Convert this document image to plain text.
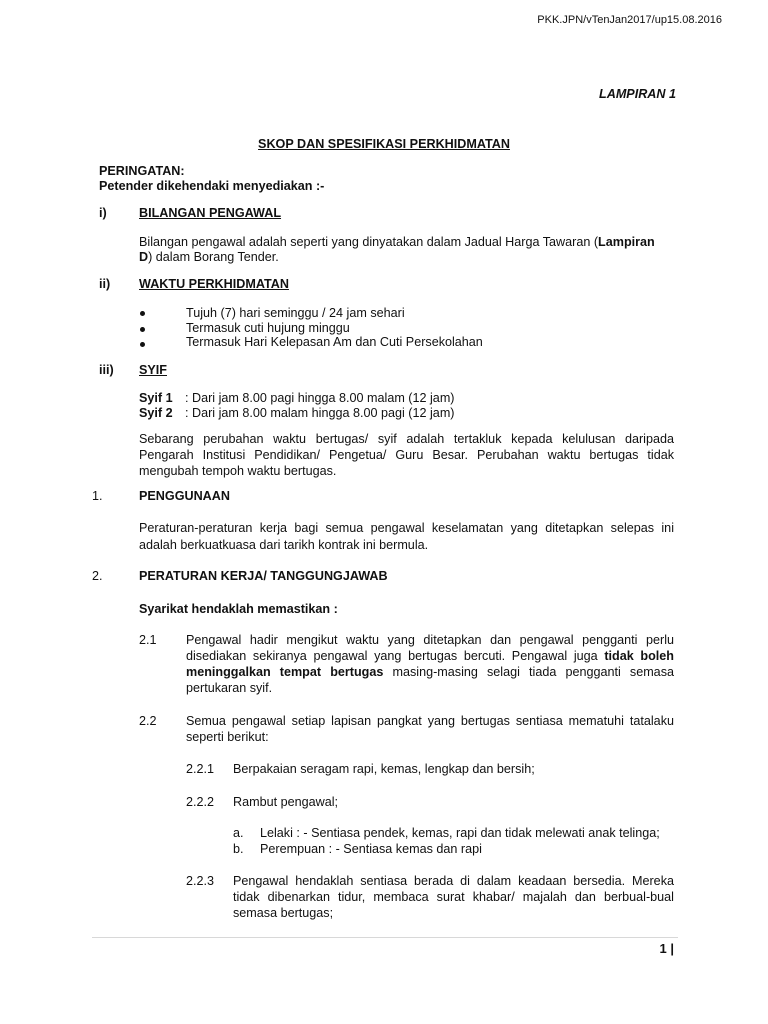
PKK.JPN/vTenJan2017/up15.08.2016
LAMPIRAN 1
SKOP DAN SPESIFIKASI PERKHIDMATAN
PERINGATAN:
Petender dikehendaki menyediakan :-
i)	BILANGAN PENGAWAL
Bilangan pengawal adalah seperti yang dinyatakan dalam Jadual Harga Tawaran (Lampiran
D) dalam Borang Tender.
ii) WAKTU PERKHIDMATAN
Tujuh (7) hari seminggu / 24 jam sehari
Termasuk cuti hujung minggu
Termasuk Hari Kelepasan Am dan Cuti Persekolahan
iii) SYIF
Syif 1 : Dari jam 8.00 pagi hingga 8.00 malam (12 jam)
Syif 2 : Dari jam 8.00 malam hingga 8.00 pagi (12 jam)
Sebarang perubahan waktu bertugas/ syif adalah tertakluk kepada kelulusan daripada Pengarah Institusi Pendidikan/ Pengetua/ Guru Besar. Perubahan waktu bertugas tidak mengubah tempoh waktu bertugas.
1.	PENGGUNAAN
Peraturan-peraturan kerja bagi semua pengawal keselamatan yang ditetapkan selepas ini adalah berkuatkuasa dari tarikh kontrak ini bermula.
2.	PERATURAN KERJA/ TANGGUNGJAWAB
Syarikat hendaklah memastikan :
2.1 Pengawal hadir mengikut waktu yang ditetapkan dan pengawal pengganti perlu disediakan sekiranya pengawal yang bertugas bercuti. Pengawal juga tidak boleh meninggalkan tempat bertugas masing-masing selagi tiada pengganti semasa pertukaran syif.
2.2 Semua pengawal setiap lapisan pangkat yang bertugas sentiasa mematuhi tatalaku seperti berikut:
2.2.1 Berpakaian seragam rapi, kemas, lengkap dan bersih;
2.2.2 Rambut pengawal;
a. Lelaki : - Sentiasa pendek, kemas, rapi dan tidak melewati anak telinga;
b. Perempuan : - Sentiasa kemas dan rapi
2.2.3 Pengawal hendaklah sentiasa berada di dalam keadaan bersedia. Mereka tidak dibenarkan tidur, membaca surat khabar/ majalah dan berbual-bual semasa bertugas;
1 |
